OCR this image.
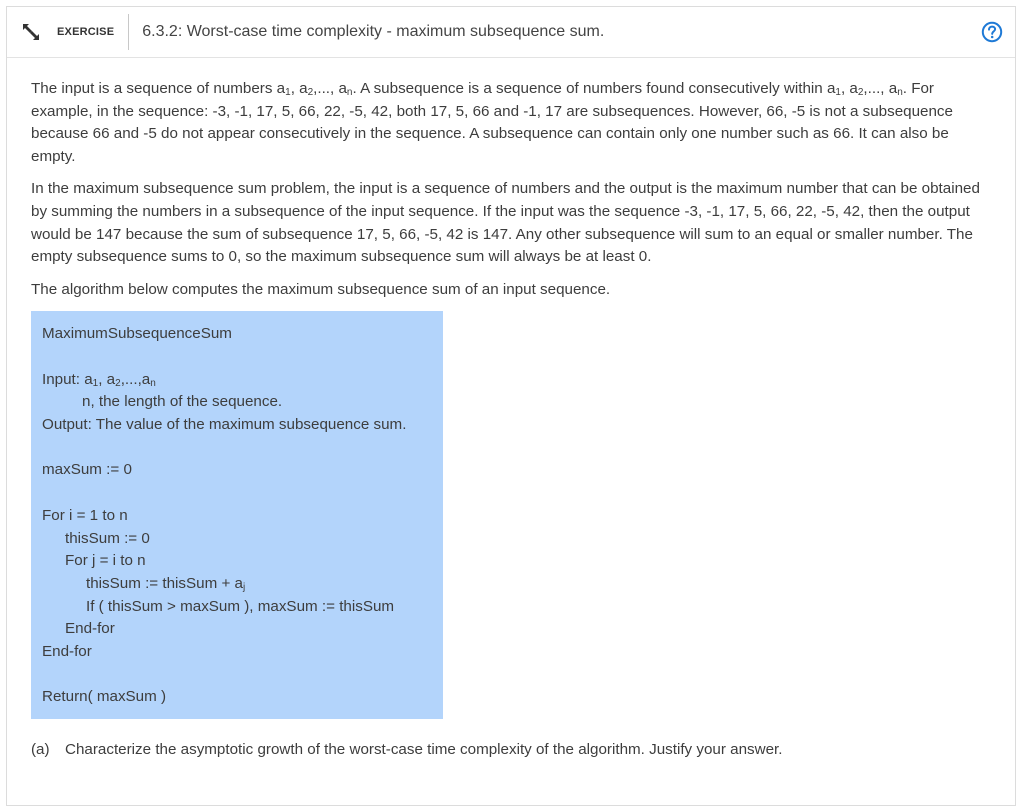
EXERCISE 6.3.2: Worst-case time complexity - maximum subsequence sum.

The input is a sequence of numbers $a_1$, $a_2$,..., $a_n$. A subsequence is a sequence of numbers found consecutively within $a_1$, $a_2$,..., $a_n$. For example, in the sequence: -3, -1, 17, 5, 66, 22, -5, 42, both 17, 5, 66 and -1, 17 are subsequences. However, 66, -5 is not a subsequence because 66 and -5 do not appear consecutively in the sequence. A subsequence can contain only one number such as 66. It can also be empty.

In the maximum subsequence sum problem, the input is a sequence of numbers and the output is the maximum number that can be obtained by summing the numbers in a subsequence of the input sequence. If the input was the sequence -3, -1, 17, 5, 66, 22, -5, 42, then the output would be 147 because the sum of subsequence 17, 5, 66, -5, 42 is 147. Any other subsequence will sum to an equal or smaller number. The empty subsequence sums to 0, so the maximum subsequence sum will always be at least 0.

The algorithm below computes the maximum subsequence sum of an input sequence.

MaximumSubsequenceSum
Input: $a_1$, $a_2,...,a_n$
n, the length of the sequence.
Output: The value of the maximum subsequence sum.
maxSum := 0
For i = 1 to n
thisSum := 0
For j = i to n
thisSum := thisSum + $a_j$
If ( thisSum > maxSum ), maxSum := thisSum
End-for
End-for
Return( maxSum )
(a)	Characterize the asymptotic growth of the worst-case time complexity of the algorithm. Justify your answer.
